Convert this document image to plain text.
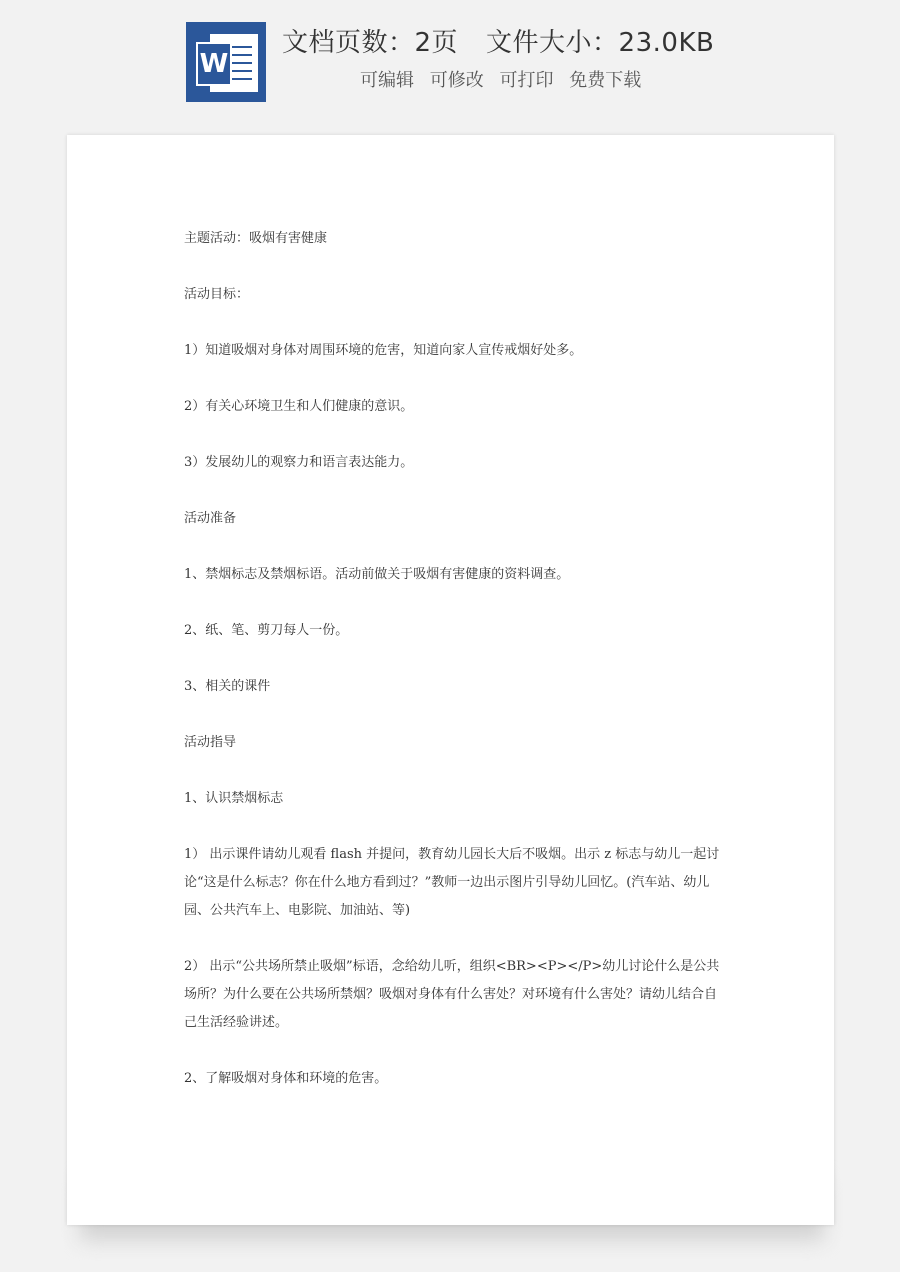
W
文档页数：2页 文件大小：23.0KB
可编辑 可修改 可打印 免费下载

主题活动：吸烟有害健康

活动目标：

1）知道吸烟对身体对周围环境的危害，知道向家人宣传戒烟好处多。

2）有关心环境卫生和人们健康的意识。

3）发展幼儿的观察力和语言表达能力。

活动准备

1、禁烟标志及禁烟标语。活动前做关于吸烟有害健康的资料调查。

2、纸、笔、剪刀每人一份。

3、相关的课件

活动指导

1、认识禁烟标志

1） 出示课件请幼儿观看 flash 并提问，教育幼儿园长大后不吸烟。出示 z 标志与幼儿一起讨论“这是什么标志？你在什么地方看到过？”教师一边出示图片引导幼儿回忆。(汽车站、幼儿园、公共汽车上、电影院、加油站、等)

2） 出示“公共场所禁止吸烟”标语，念给幼儿听，组织<BR><P></P>幼儿讨论什么是公共场所？为什么要在公共场所禁烟？吸烟对身体有什么害处？对环境有什么害处？请幼儿结合自己生活经验讲述。

2、了解吸烟对身体和环境的危害。
